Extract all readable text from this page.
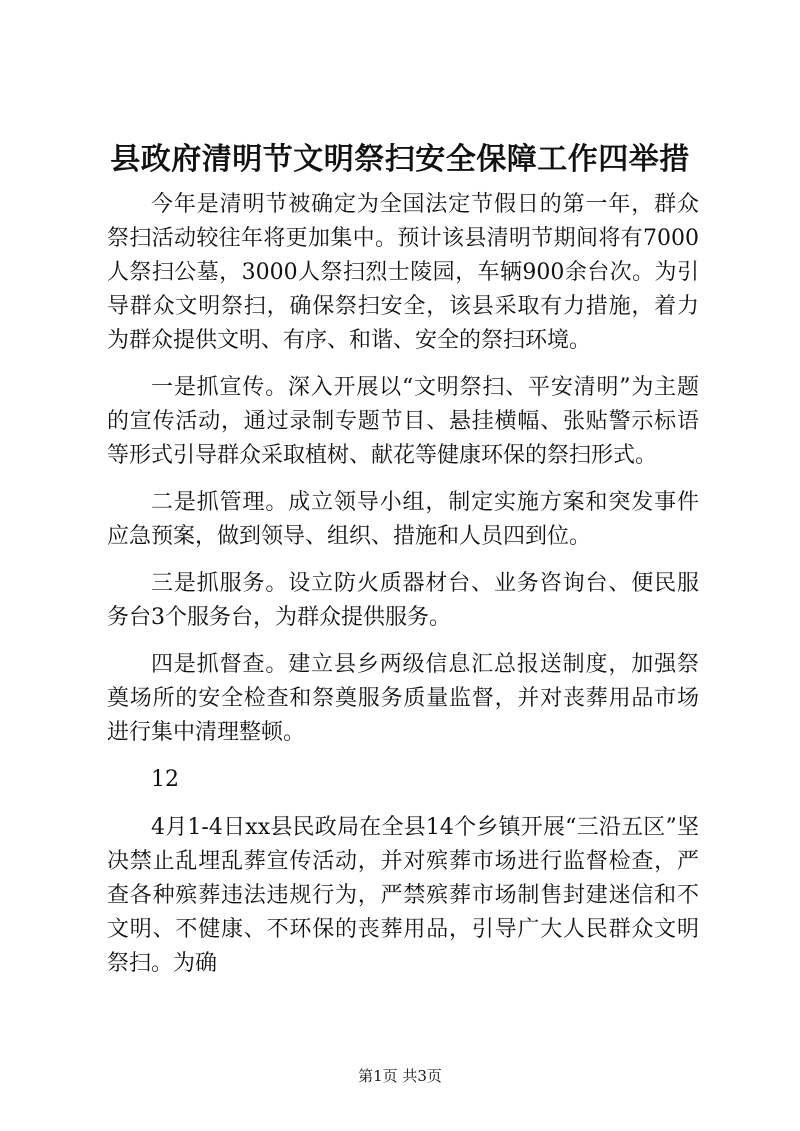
县政府清明节文明祭扫安全保障工作四举措

今年是清明节被确定为全国法定节假日的第一年，群众祭扫活动较往年将更加集中。预计该县清明节期间将有7000人祭扫公墓，3000人祭扫烈士陵园，车辆900余台次。为引导群众文明祭扫，确保祭扫安全，该县采取有力措施，着力为群众提供文明、有序、和谐、安全的祭扫环境。

一是抓宣传。深入开展以“文明祭扫、平安清明”为主题的宣传活动，通过录制专题节目、悬挂横幅、张贴警示标语等形式引导群众采取植树、献花等健康环保的祭扫形式。

二是抓管理。成立领导小组，制定实施方案和突发事件应急预案，做到领导、组织、措施和人员四到位。

三是抓服务。设立防火质器材台、业务咨询台、便民服务台3个服务台，为群众提供服务。

四是抓督查。建立县乡两级信息汇总报送制度，加强祭奠场所的安全检查和祭奠服务质量监督，并对丧葬用品市场进行集中清理整顿。

12

4月1-4日xx县民政局在全县14个乡镇开展“三沿五区”坚决禁止乱埋乱葬宣传活动，并对殡葬市场进行监督检查，严查各种殡葬违法违规行为，严禁殡葬市场制售封建迷信和不文明、不健康、不环保的丧葬用品，引导广大人民群众文明祭扫。为确

第1页 共3页
